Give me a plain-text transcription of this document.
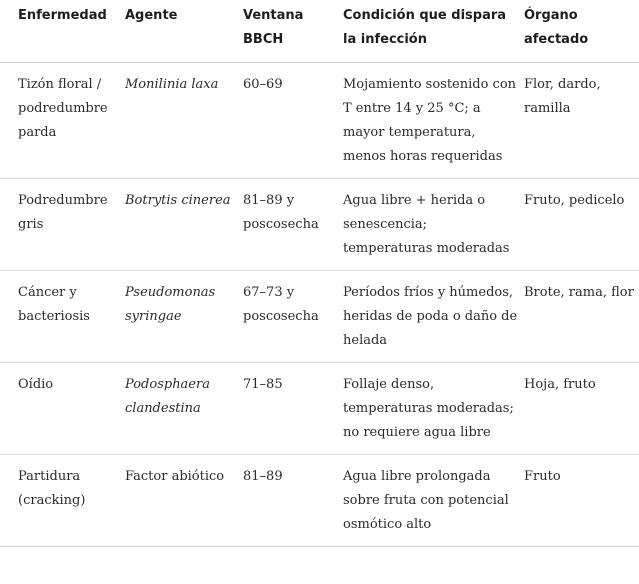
Enfermedad	Agente	Ventana BBCH	Condición que dispara la infección	Órgano afectado
Tizón floral / podredumbre parda	Monilinia laxa	60–69	Mojamiento sostenido con T entre 14 y 25 °C; a mayor temperatura, menos horas requeridas	Flor, dardo, ramilla
Podredumbre gris	Botrytis cinerea	81–89 y poscosecha	Agua libre + herida o senescencia; temperaturas moderadas	Fruto, pedicelo
Cáncer y bacteriosis	Pseudomonas syringae	67–73 y poscosecha	Períodos fríos y húmedos, heridas de poda o daño de helada	Brote, rama, flor
Oídio	Podosphaera clandestina	71–85	Follaje denso, temperaturas moderadas; no requiere agua libre	Hoja, fruto
Partidura (cracking)	Factor abiótico	81–89	Agua libre prolongada sobre fruta con potencial osmótico alto	Fruto
